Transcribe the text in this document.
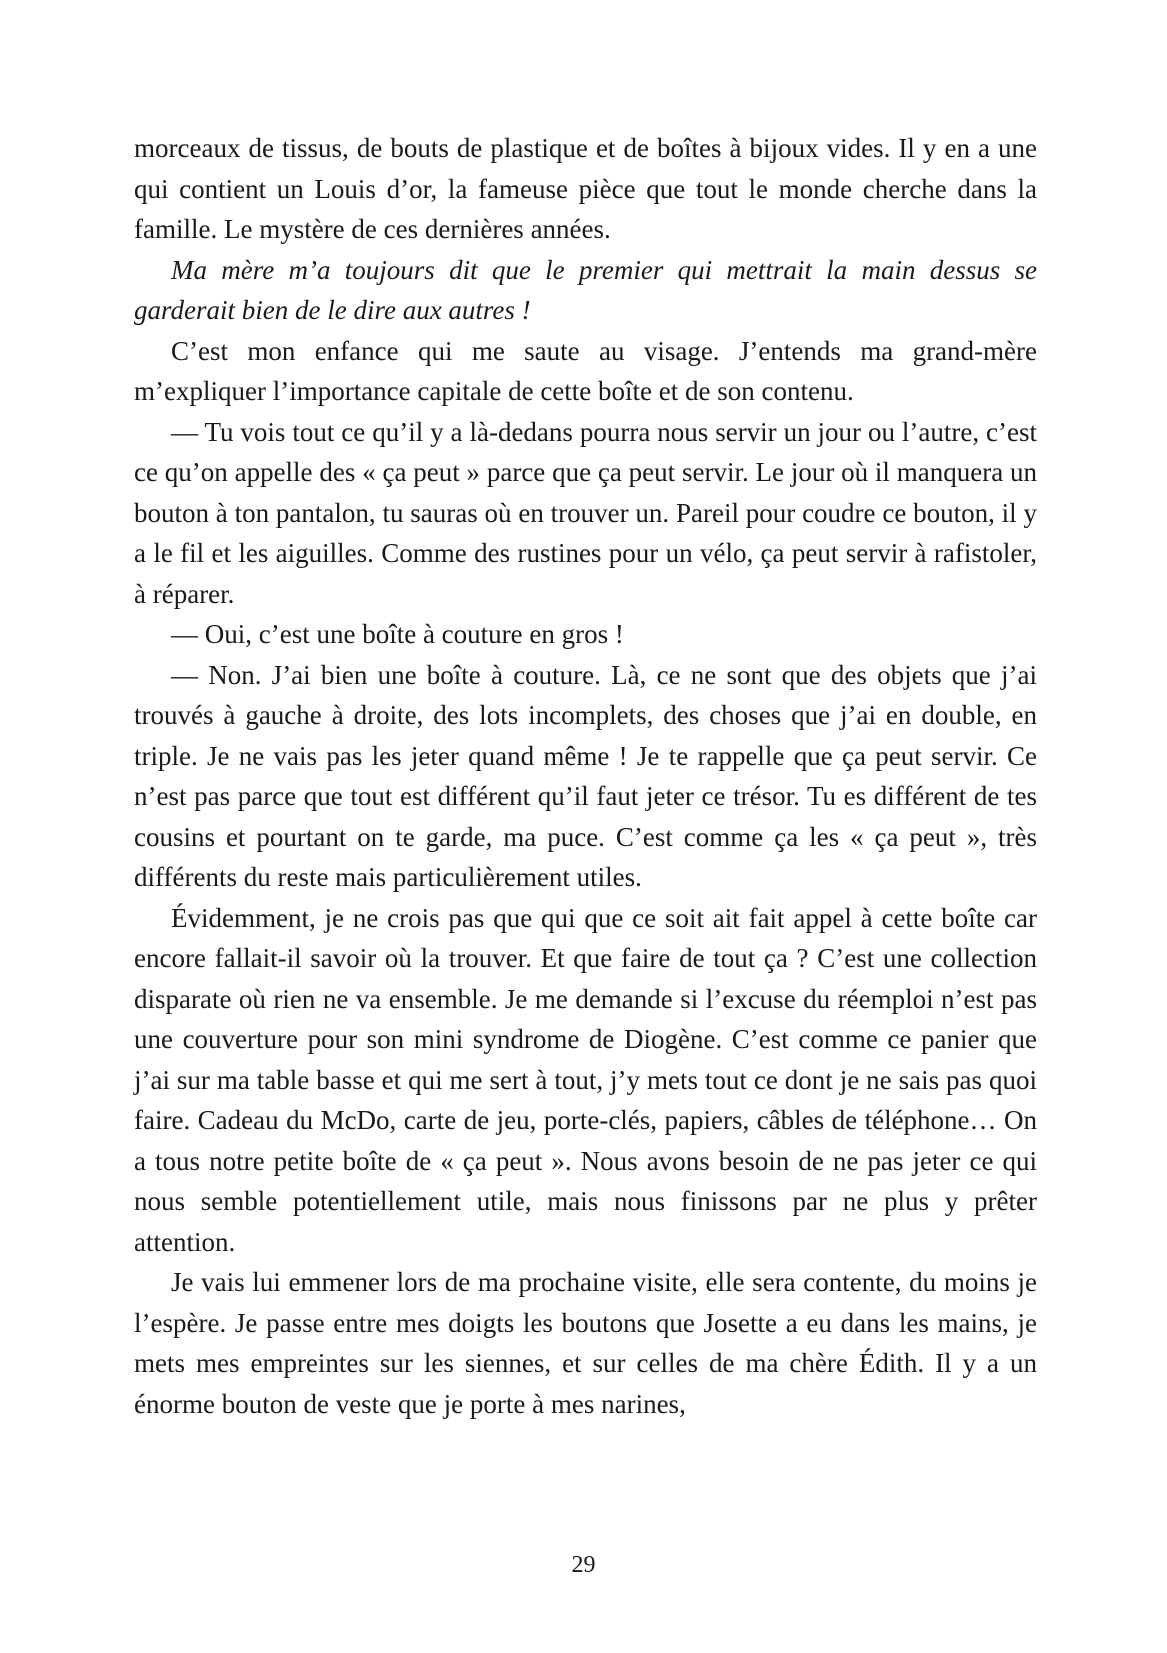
morceaux de tissus, de bouts de plastique et de boîtes à bijoux vides. Il y en a une qui contient un Louis d’or, la fameuse pièce que tout le monde cherche dans la famille. Le mystère de ces dernières années.

Ma mère m’a toujours dit que le premier qui mettrait la main dessus se garderait bien de le dire aux autres !

C’est mon enfance qui me saute au visage. J’entends ma grand-mère m’expliquer l’importance capitale de cette boîte et de son contenu.

— Tu vois tout ce qu’il y a là-dedans pourra nous servir un jour ou l’autre, c’est ce qu’on appelle des « ça peut » parce que ça peut servir. Le jour où il manquera un bouton à ton pantalon, tu sauras où en trouver un. Pareil pour coudre ce bouton, il y a le fil et les aiguilles. Comme des rustines pour un vélo, ça peut servir à rafistoler, à réparer.

— Oui, c’est une boîte à couture en gros !

— Non. J’ai bien une boîte à couture. Là, ce ne sont que des objets que j’ai trouvés à gauche à droite, des lots incomplets, des choses que j’ai en double, en triple. Je ne vais pas les jeter quand même ! Je te rappelle que ça peut servir. Ce n’est pas parce que tout est différent qu’il faut jeter ce trésor. Tu es différent de tes cousins et pourtant on te garde, ma puce. C’est comme ça les « ça peut », très différents du reste mais particulièrement utiles.

Évidemment, je ne crois pas que qui que ce soit ait fait appel à cette boîte car encore fallait-il savoir où la trouver. Et que faire de tout ça ? C’est une collection disparate où rien ne va ensemble. Je me demande si l’excuse du réemploi n’est pas une couverture pour son mini syndrome de Diogène. C’est comme ce panier que j’ai sur ma table basse et qui me sert à tout, j’y mets tout ce dont je ne sais pas quoi faire. Cadeau du McDo, carte de jeu, porte-clés, papiers, câbles de téléphone… On a tous notre petite boîte de « ça peut ». Nous avons besoin de ne pas jeter ce qui nous semble potentiellement utile, mais nous finissons par ne plus y prêter attention.

Je vais lui emmener lors de ma prochaine visite, elle sera contente, du moins je l’espère. Je passe entre mes doigts les boutons que Josette a eu dans les mains, je mets mes empreintes sur les siennes, et sur celles de ma chère Édith. Il y a un énorme bouton de veste que je porte à mes narines,

29
